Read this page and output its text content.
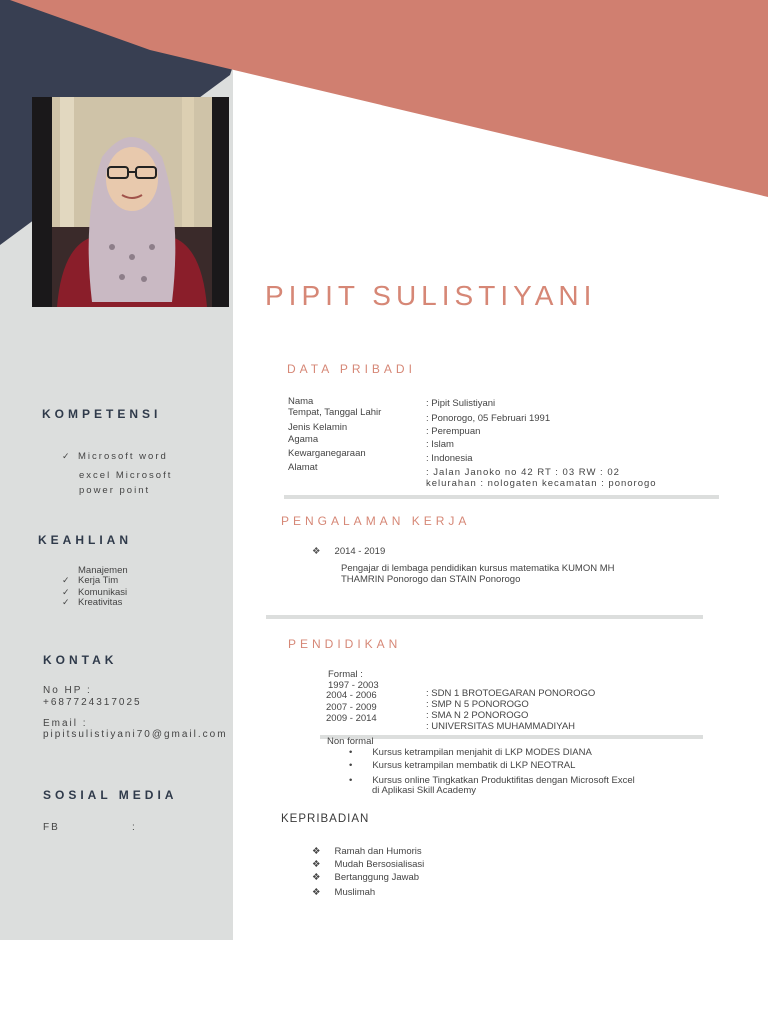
PIPIT SULISTIYANI
KOMPETENSI
✓ Microsoft word
excel Microsoft
power point
KEAHLIAN
Manajemen
✓ Kerja Tim
✓ Komunikasi
✓ Kreativitas
KONTAK
No HP :
+687724317025
Email :
pipitsulistiyani70@gmail.com
SOSIAL MEDIA
FB	:
DATA PRIBADI
Nama
Tempat, Tanggal Lahir
Jenis Kelamin
Agama
Kewarganegaraan
Alamat
: Pipit Sulistiyani
: Ponorogo, 05 Februari 1991
: Perempuan
: Islam
: Indonesia
: Jalan Janoko no 42 RT : 03 RW : 02
kelurahan : nologaten kecamatan : ponorogo
PENGALAMAN KERJA
❖ 2014 - 2019
Pengajar di lembaga pendidikan kursus matematika KUMON MH
THAMRIN Ponorogo dan STAIN Ponorogo
PENDIDIKAN
Formal :
1997 - 2003
2004 - 2006
2007 - 2009
2009 - 2014
: SDN 1 BROTOEGARAN PONOROGO
: SMP N 5 PONOROGO
: SMA N 2 PONOROGO
: UNIVERSITAS MUHAMMADIYAH
Non formal
• Kursus ketrampilan menjahit di LKP MODES DIANA
• Kursus ketrampilan membatik di LKP NEOTRAL
• Kursus online Tingkatkan Produktifitas dengan Microsoft Excel
di Aplikasi Skill Academy
KEPRIBADIAN
❖ Ramah dan Humoris
❖ Mudah Bersosialisasi
❖ Bertanggung Jawab
❖ Muslimah
